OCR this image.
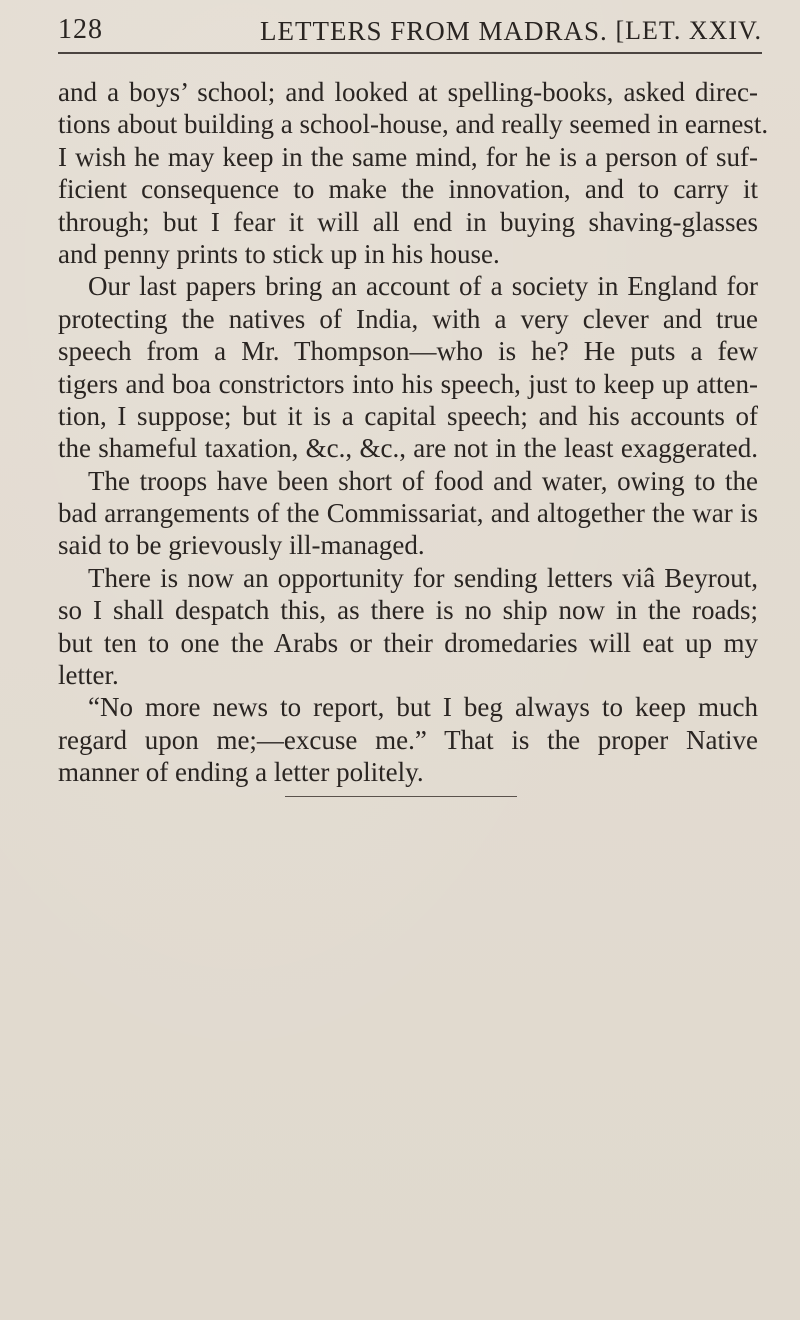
128	LETTERS FROM MADRAS. [LET. XXIV.
and a boys’ school; and looked at spelling-books, asked direc-
tions about building a school-house, and really seemed in earnest.
I wish he may keep in the same mind, for he is a person of suf-
ficient consequence to make the innovation, and to carry it
through; but I fear it will all end in buying shaving-glasses
and penny prints to stick up in his house.
Our last papers bring an account of a society in England for
protecting the natives of India, with a very clever and true
speech from a Mr. Thompson—who is he? He puts a few
tigers and boa constrictors into his speech, just to keep up atten-
tion, I suppose; but it is a capital speech; and his accounts of
the shameful taxation, &c., &c., are not in the least exaggerated.
The troops have been short of food and water, owing to the
bad arrangements of the Commissariat, and altogether the war is
said to be grievously ill-managed.
There is now an opportunity for sending letters viâ Beyrout,
so I shall despatch this, as there is no ship now in the roads;
but ten to one the Arabs or their dromedaries will eat up my
letter.
“No more news to report, but I beg always to keep much
regard upon me;—excuse me.” That is the proper Native
manner of ending a letter politely.
